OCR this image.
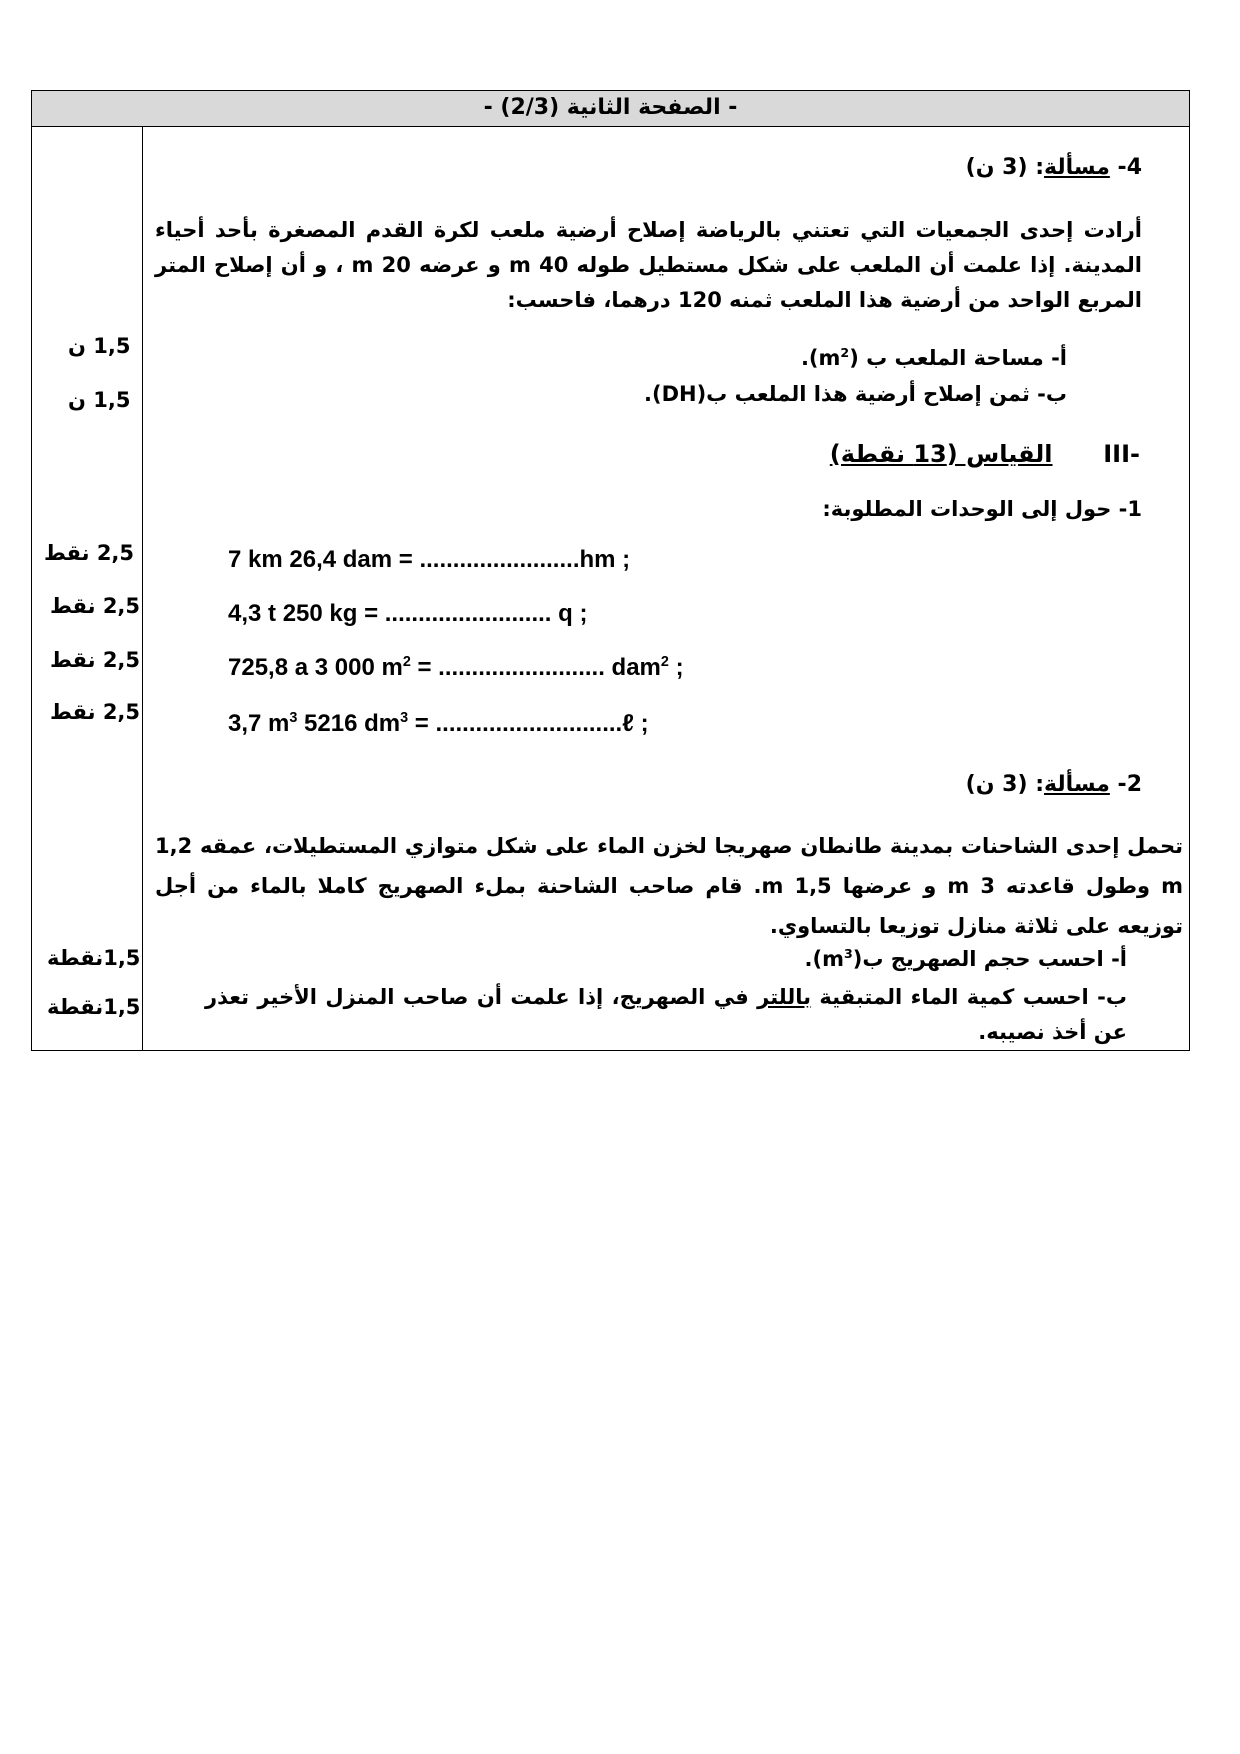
- الصفحة الثانية (2/3) -
4- مسألة: (3 ن)
أرادت إحدى الجمعيات التي تعتني بالرياضة إصلاح أرضية ملعب لكرة القدم المصغرة بأحد أحياء المدينة. إذا علمت أن الملعب على شكل مستطيل طوله 40 m و عرضه 20 m ، و أن إصلاح المتر المربع الواحد من أرضية هذا الملعب ثمنه 120 درهما، فاحسب:
أ- مساحة الملعب ب $(m^2)$.
ب- ثمن إصلاح أرضية هذا الملعب ب(DH).
1,5 ن
1,5 ن
-III  القياس (13 نقطة)
1- حول إلى الوحدات المطلوبة:
7 km 26,4 dam = ........................hm ;
4,3 t 250 kg = ......................... q ;
725,8 a 3 000 $m^2$ = ......................... dam$^2$ ;
3,7 $m^3$ 5216 $dm^3$ = ............................ℓ ;
2,5 نقط
2,5 نقط
2,5 نقط
2,5 نقط
2- مسألة: (3 ن)
تحمل إحدى الشاحنات بمدينة طانطان صهريجا لخزن الماء على شكل متوازي المستطيلات، عمقه 1,2 m وطول قاعدته 3 m و عرضها 1,5 m. قام صاحب الشاحنة بملء الصهريج كاملا بالماء من أجل توزيعه على ثلاثة منازل توزيعا بالتساوي.
أ- احسب حجم الصهريج $ب(m^3)$.
ب- احسب كمية الماء المتبقية باللتر في الصهريج، إذا علمت أن صاحب المنزل الأخير تعذر عن أخذ نصيبه.
1,5نقطة
1,5نقطة
